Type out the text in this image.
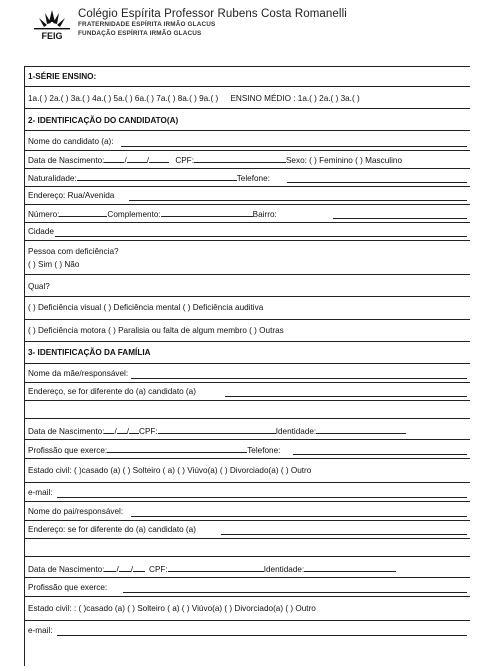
FEIG
Colégio Espírita Professor Rubens Costa Romanelli
FRATERNIDADE ESPÍRITA IRMÃO GLACUS
FUNDAÇÃO ESPÍRITA IRMÃO GLACUS
1-SÉRIE ENSINO:
1a.( ) 2a.( ) 3a.( ) 4a.( ) 5a.( ) 6a.( ) 7a.( ) 8a.( ) 9a.( ) ENSINO MÉDIO : 1a.( ) 2a.( ) 3a.( )
2- IDENTIFICAÇÃO DO CANDIDATO(A)
Nome do candidato (a):
Data de Nascimento: / /	CPF:	Sexo: ( ) Feminino ( ) Masculino
Naturalidade:	Telefone:
Endereço: Rua/Avenida
Número:	Complemento:	Bairro:
Cidade
Pessoa com deficiência?
( ) Sim ( ) Não
Qual?
( ) Deficiência visual ( ) Deficiência mental ( ) Deficiência auditiva
( ) Deficiência motora ( ) Paralisia ou falta de algum membro ( ) Outras
3- IDENTIFICAÇÃO DA FAMÍLIA
Nome da mãe/responsável:
Endereço, se for diferente do (a) candidato (a)
Data de Nascimento: / / CPF:	Identidade:
Profissão que exerce:	Telefone:
Estado civil: ( )casado (a) ( ) Solteiro ( a) ( ) Viúvo(a) ( ) Divorciado(a) ( ) Outro
e-mail:
Nome do pai/responsável:
Endereço: se for diferente do (a) candidato (a)
Data de Nascimento: / / CPF:	Identidade:
Profissão que exerce:
Estado civil: : ( )casado (a) ( ) Solteiro ( a) ( ) Viúvo(a) ( ) Divorciado(a) ( ) Outro
e-mail:
